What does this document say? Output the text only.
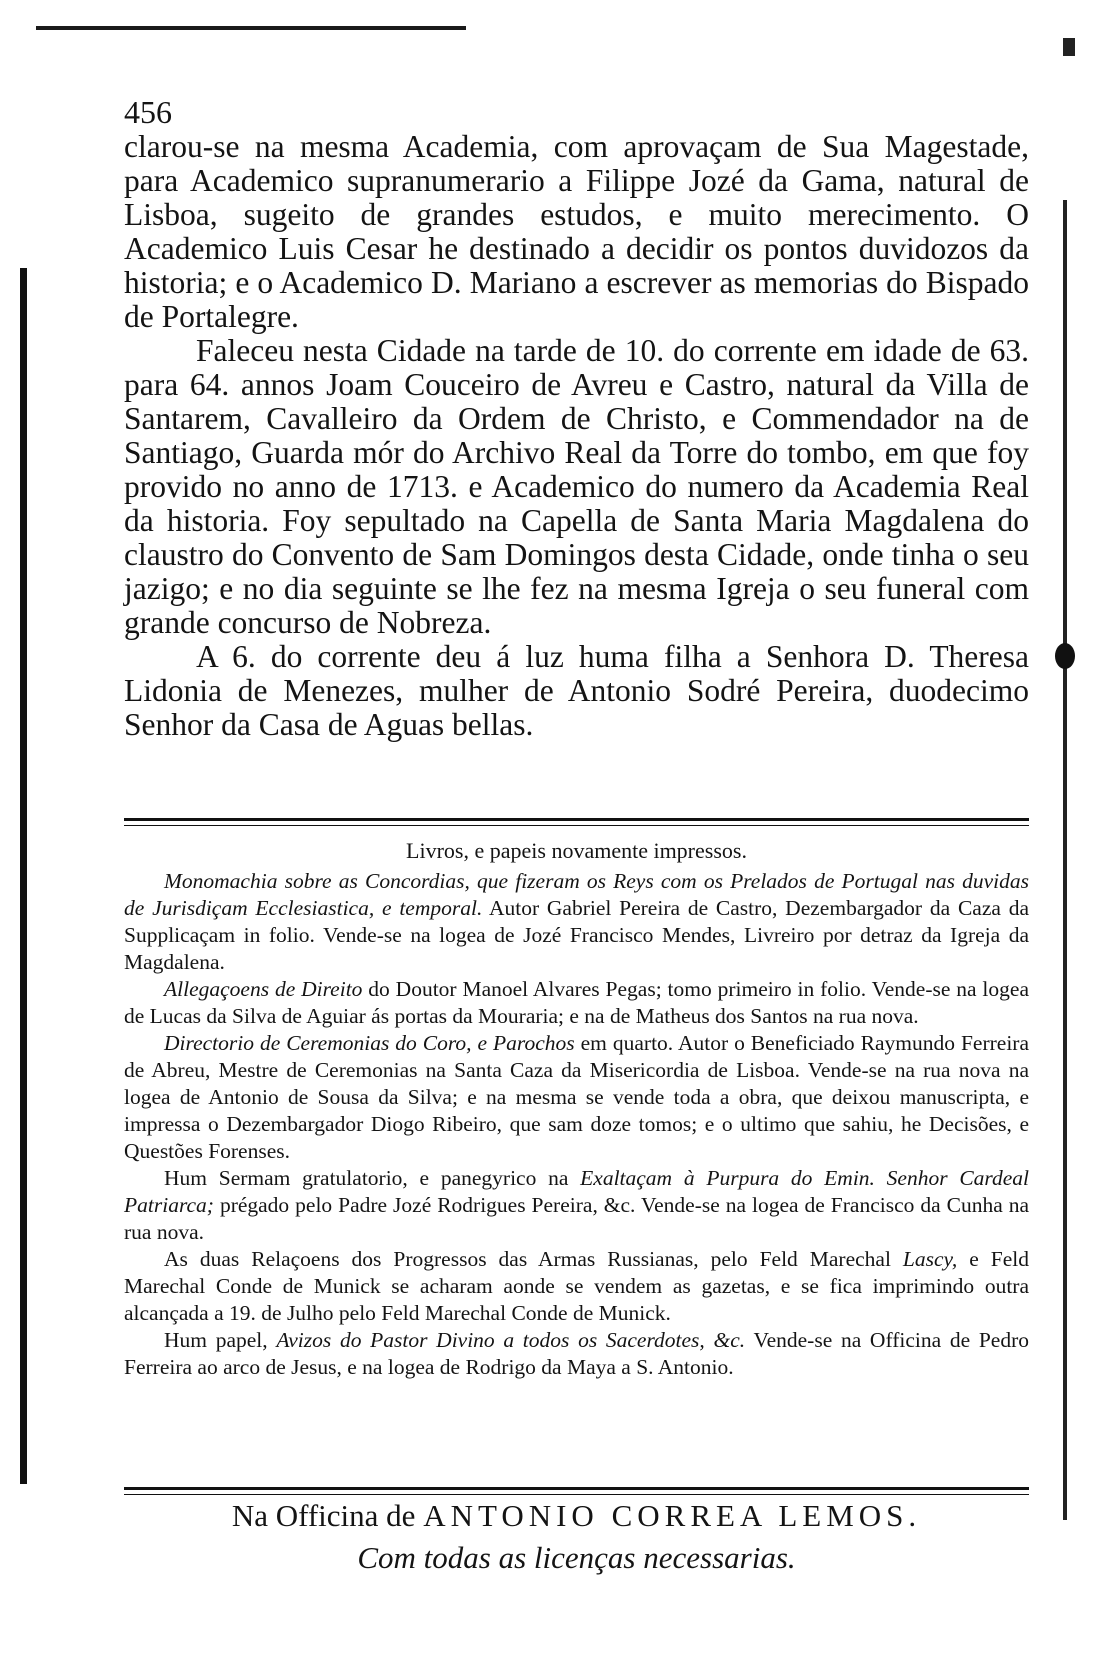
456

clarou-se na mesma Academia, com aprovaçam de Sua Magestade, para Academico supranumerario a Filippe Jozé da Gama, natural de Lisboa, sugeito de grandes estudos, e muito merecimento. O Academico Luis Cesar he destinado a decidir os pontos duvidozos da historia; e o Academico D. Mariano a escrever as memorias do Bispado de Portalegre.

Faleceu nesta Cidade na tarde de 10. do corrente em idade de 63. para 64. annos Joam Couceiro de Avreu e Castro, natural da Villa de Santarem, Cavalleiro da Ordem de Christo, e Commendador na de Santiago, Guarda mór do Archivo Real da Torre do tombo, em que foy provido no anno de 1713. e Academico do numero da Academia Real da historia. Foy sepultado na Capella de Santa Maria Magdalena do claustro do Convento de Sam Domingos desta Cidade, onde tinha o seu jazigo; e no dia seguinte se lhe fez na mesma Igreja o seu funeral com grande concurso de Nobreza.

A 6. do corrente deu á luz huma filha a Senhora D. Theresa Lidonia de Menezes, mulher de Antonio Sodré Pereira, duodecimo Senhor da Casa de Aguas bellas.

Livros, e papeis novamente impressos.

Monomachia sobre as Concordias, que fizeram os Reys com os Prelados de Portugal nas duvidas de Jurisdiçam Ecclesiastica, e temporal. Autor Gabriel Pereira de Castro, Dezembargador da Caza da Supplicaçam in folio. Vende-se na logea de Jozé Francisco Mendes, Livreiro por detraz da Igreja da Magdalena.

Allegaçoens de Direito do Doutor Manoel Alvares Pegas; tomo primeiro in folio. Vende-se na logea de Lucas da Silva de Aguiar ás portas da Mouraria; e na de Matheus dos Santos na rua nova.

Directorio de Ceremonias do Coro, e Parochos em quarto. Autor o Beneficiado Raymundo Ferreira de Abreu, Mestre de Ceremonias na Santa Caza da Misericordia de Lisboa. Vende-se na rua nova na logea de Antonio de Sousa da Silva; e na mesma se vende toda a obra, que deixou manuscripta, e impressa o Dezembargador Diogo Ribeiro, que sam doze tomos; e o ultimo que sahiu, he Decisões, e Questões Forenses.

Hum Sermam gratulatorio, e panegyrico na Exaltaçam à Purpura do Emin. Senhor Cardeal Patriarca; prégado pelo Padre Jozé Rodrigues Pereira, &c. Vende-se na logea de Francisco da Cunha na rua nova.

As duas Relaçoens dos Progressos das Armas Russianas, pelo Feld Marechal Lascy, e Feld Marechal Conde de Munick se acharam aonde se vendem as gazetas, e se fica imprimindo outra alcançada a 19. de Julho pelo Feld Marechal Conde de Munick.

Hum papel, Avizos do Pastor Divino a todos os Sacerdotes, &c. Vende-se na Officina de Pedro Ferreira ao arco de Jesus, e na logea de Rodrigo da Maya a S. Antonio.

Na Officina de ANTONIO CORREA LEMOS.
Com todas as licenças necessarias.
